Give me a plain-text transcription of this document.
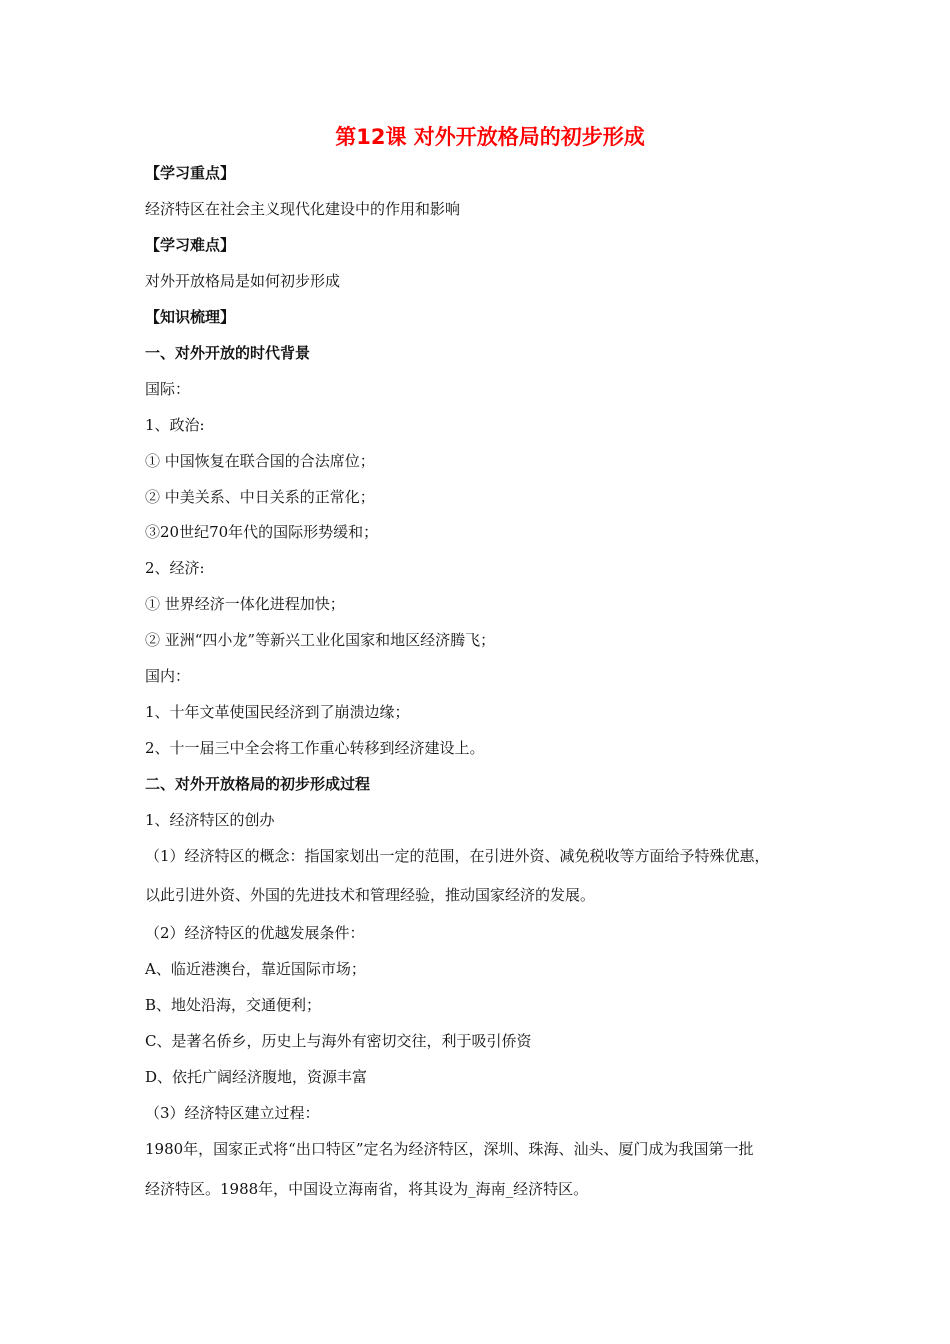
第12课 对外开放格局的初步形成
【学习重点】
经济特区在社会主义现代化建设中的作用和影响
【学习难点】
对外开放格局是如何初步形成
【知识梳理】
一、对外开放的时代背景
国际：
1、政治:
① 中国恢复在联合国的合法席位；
② 中美关系、中日关系的正常化；
③20世纪70年代的国际形势缓和；
2、经济:
① 世界经济一体化进程加快；
② 亚洲“四小龙”等新兴工业化国家和地区经济腾飞；
国内：
1、十年文革使国民经济到了崩溃边缘；
2、十一届三中全会将工作重心转移到经济建设上。
二、对外开放格局的初步形成过程
1、经济特区的创办
（1）经济特区的概念：指国家划出一定的范围，在引进外资、减免税收等方面给予特殊优惠，
以此引进外资、外国的先进技术和管理经验，推动国家经济的发展。
（2）经济特区的优越发展条件：
A、临近港澳台，靠近国际市场；
B、地处沿海，交通便利；
C、是著名侨乡，历史上与海外有密切交往，利于吸引侨资
D、依托广阔经济腹地，资源丰富
（3）经济特区建立过程：
1980年，国家正式将“出口特区”定名为经济特区，深圳、珠海、汕头、厦门成为我国第一批
经济特区。1988年，中国设立海南省，将其设为_海南_经济特区。
